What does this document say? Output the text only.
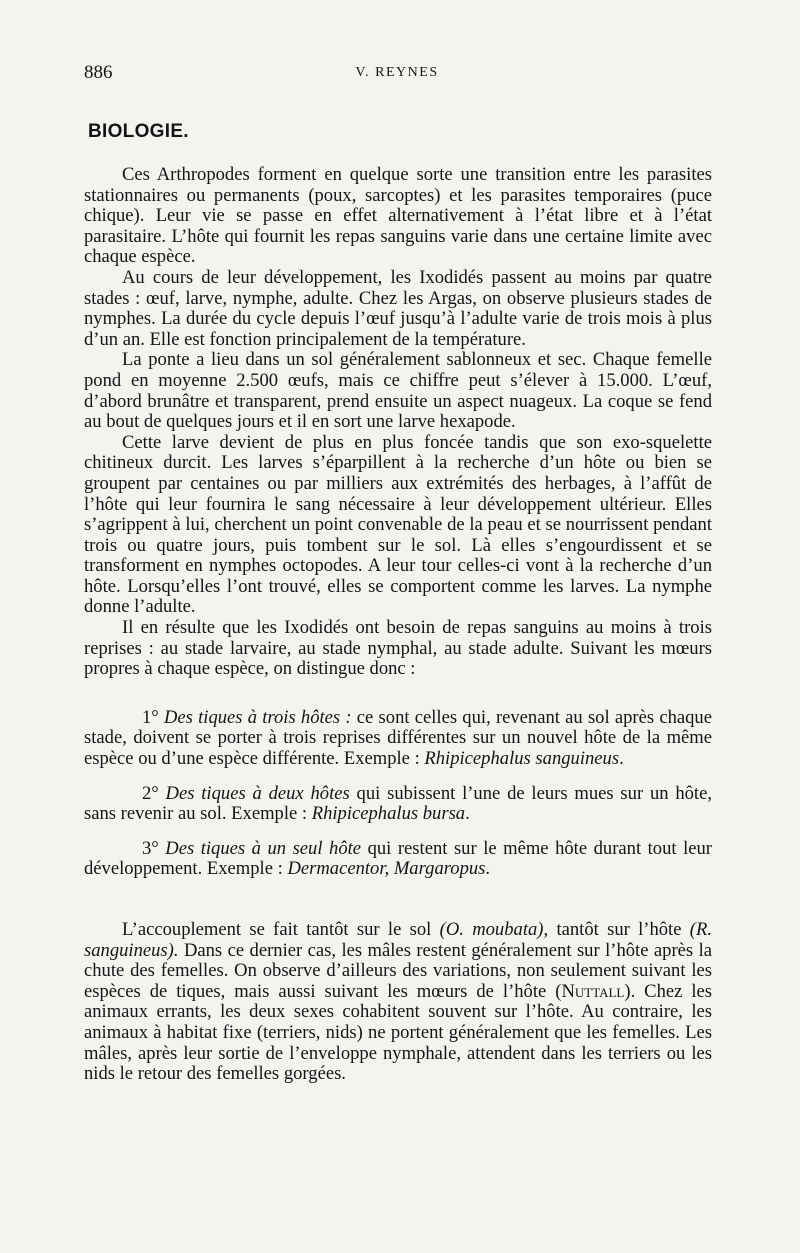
886	V. REYNES
BIOLOGIE.

Ces Arthropodes forment en quelque sorte une transition entre les parasites stationnaires ou permanents (poux, sarcoptes) et les parasites temporaires (puce chique). Leur vie se passe en effet alternativement à l’état libre et à l’état parasitaire. L’hôte qui fournit les repas sanguins varie dans une certaine limite avec chaque espèce.

Au cours de leur développement, les Ixodidés passent au moins par quatre stades : œuf, larve, nymphe, adulte. Chez les Argas, on observe plusieurs stades de nymphes. La durée du cycle depuis l’œuf jusqu’à l’adulte varie de trois mois à plus d’un an. Elle est fonction principalement de la température.

La ponte a lieu dans un sol généralement sablonneux et sec. Chaque femelle pond en moyenne 2.500 œufs, mais ce chiffre peut s’élever à 15.000. L’œuf, d’abord brunâtre et transparent, prend ensuite un aspect nuageux. La coque se fend au bout de quelques jours et il en sort une larve hexapode.

Cette larve devient de plus en plus foncée tandis que son exo-squelette chitineux durcit. Les larves s’éparpillent à la recherche d’un hôte ou bien se groupent par centaines ou par milliers aux extrémités des herbages, à l’affût de l’hôte qui leur fournira le sang nécessaire à leur développement ultérieur. Elles s’agrippent à lui, cherchent un point convenable de la peau et se nourrissent pendant trois ou quatre jours, puis tombent sur le sol. Là elles s’engourdissent et se transforment en nymphes octopodes. A leur tour celles-ci vont à la recherche d’un hôte. Lorsqu’elles l’ont trouvé, elles se comportent comme les larves. La nymphe donne l’adulte.

Il en résulte que les Ixodidés ont besoin de repas sanguins au moins à trois reprises : au stade larvaire, au stade nymphal, au stade adulte. Suivant les mœurs propres à chaque espèce, on distingue donc :

1° Des tiques à trois hôtes : ce sont celles qui, revenant au sol après chaque stade, doivent se porter à trois reprises différentes sur un nouvel hôte de la même espèce ou d’une espèce différente. Exemple : Rhipicephalus sanguineus.

2° Des tiques à deux hôtes qui subissent l’une de leurs mues sur un hôte, sans revenir au sol. Exemple : Rhipicephalus bursa.

3° Des tiques à un seul hôte qui restent sur le même hôte durant tout leur développement. Exemple : Dermacentor, Margaropus.

L’accouplement se fait tantôt sur le sol (O. moubata), tantôt sur l’hôte (R. sanguineus). Dans ce dernier cas, les mâles restent généralement sur l’hôte après la chute des femelles. On observe d’ailleurs des variations, non seulement suivant les espèces de tiques, mais aussi suivant les mœurs de l’hôte (Nuttall). Chez les animaux errants, les deux sexes cohabitent souvent sur l’hôte. Au contraire, les animaux à habitat fixe (terriers, nids) ne portent généralement que les femelles. Les mâles, après leur sortie de l’enveloppe nymphale, attendent dans les terriers ou les nids le retour des femelles gorgées.
